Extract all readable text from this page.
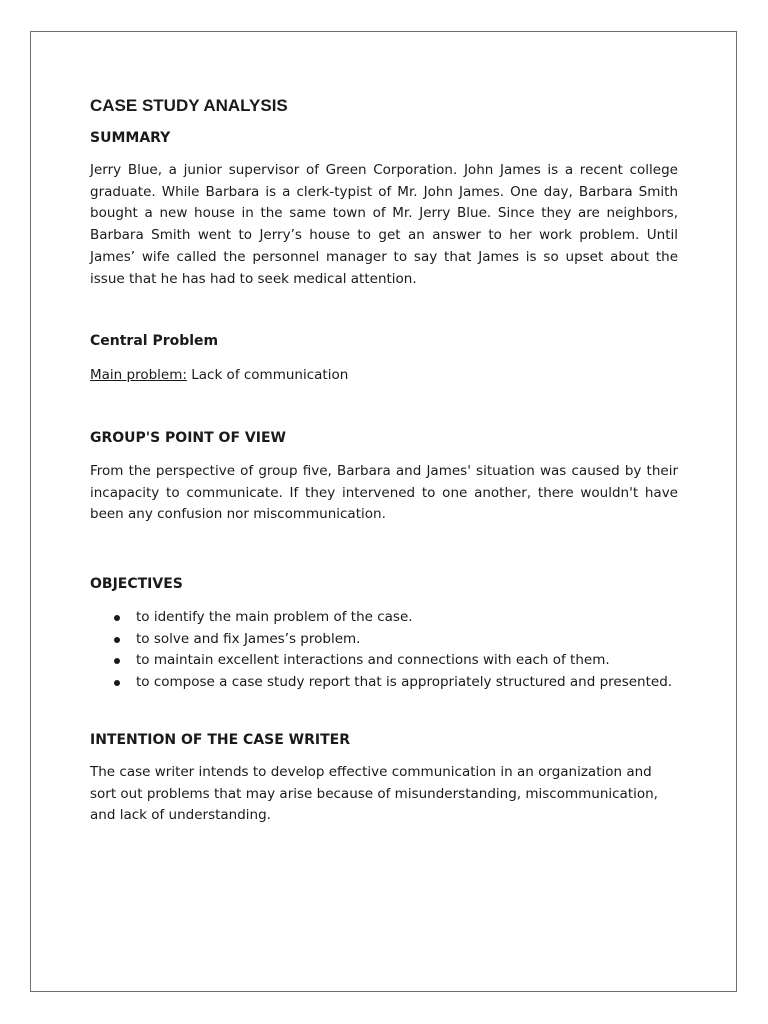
CASE STUDY ANALYSIS
SUMMARY

Jerry Blue, a junior supervisor of Green Corporation. John James is a recent college graduate. While Barbara is a clerk-typist of Mr. John James. One day, Barbara Smith bought a new house in the same town of Mr. Jerry Blue. Since they are neighbors, Barbara Smith went to Jerry’s house to get an answer to her work problem. Until James’ wife called the personnel manager to say that James is so upset about the issue that he has had to seek medical attention.

Central Problem

Main problem: Lack of communication

GROUP'S POINT OF VIEW

From the perspective of group five, Barbara and James' situation was caused by their incapacity to communicate. If they intervened to one another, there wouldn't have been any confusion nor miscommunication.

OBJECTIVES
to identify the main problem of the case.
to solve and fix James’s problem.
to maintain excellent interactions and connections with each of them.
to compose a case study report that is appropriately structured and presented.
INTENTION OF THE CASE WRITER

The case writer intends to develop effective communication in an organization and sort out problems that may arise because of misunderstanding, miscommunication, and lack of understanding.
